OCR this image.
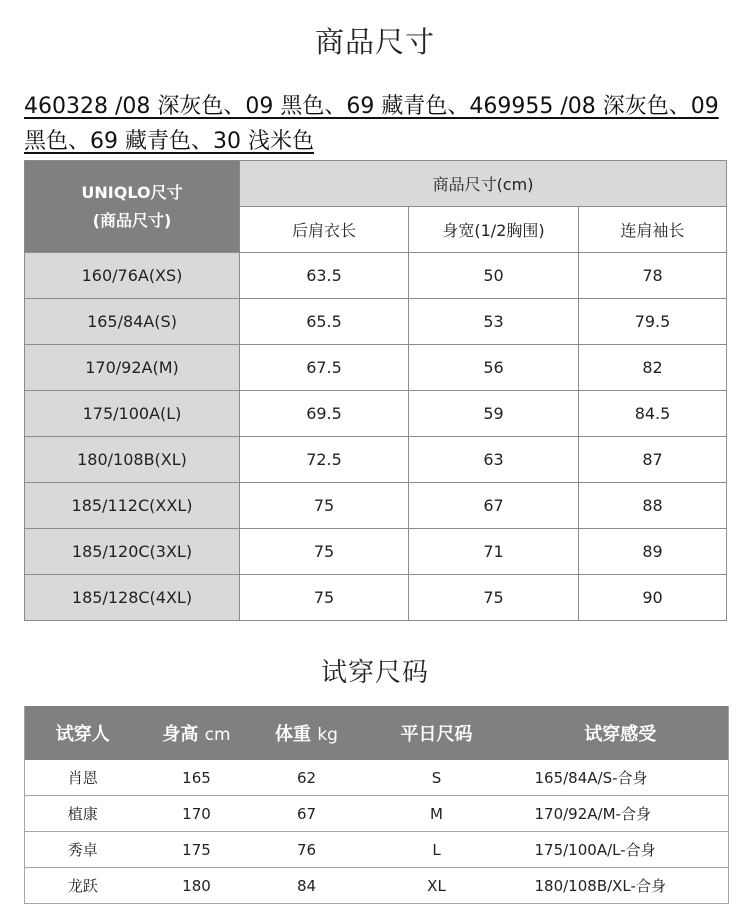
商品尺寸
460328 /08 深灰色、09 黑色、69 藏青色、469955 /08 深灰色、09 黑色、69 藏青色、30 浅米色
UNIQLO尺寸
(商品尺寸)	商品尺寸(cm)		
	后肩衣长	身宽(1/2胸围)	连肩袖长
160/76A(XS)	63.5	50	78
165/84A(S)	65.5	53	79.5
170/92A(M)	67.5	56	82
175/100A(L)	69.5	59	84.5
180/108B(XL)	72.5	63	87
185/112C(XXL)	75	67	88
185/120C(3XL)	75	71	89
185/128C(4XL)	75	75	90
试穿尺码
试穿人	身高 cm	体重 kg	平日尺码	试穿感受
肖恩	165	62	S	165/84A/S-合身
植康	170	67	M	170/92A/M-合身
秀卓	175	76	L	175/100A/L-合身
龙跃	180	84	XL	180/108B/XL-合身
